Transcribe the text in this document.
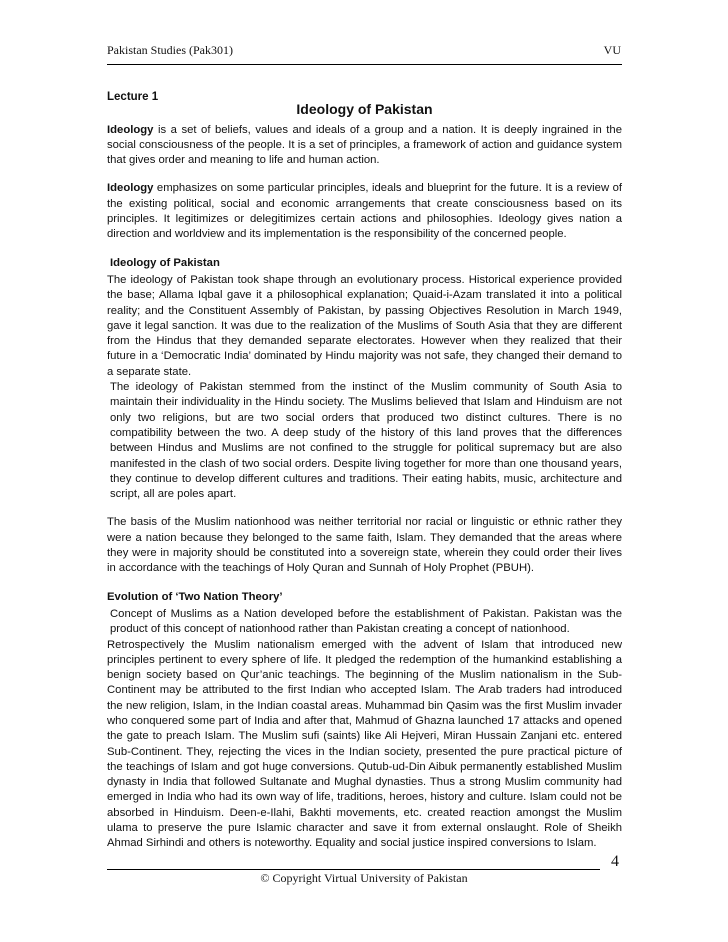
Pakistan Studies (Pak301)	VU
Lecture 1
Ideology of Pakistan

Ideology is a set of beliefs, values and ideals of a group and a nation. It is deeply ingrained in the social consciousness of the people. It is a set of principles, a framework of action and guidance system that gives order and meaning to life and human action.

Ideology emphasizes on some particular principles, ideals and blueprint for the future. It is a review of the existing political, social and economic arrangements that create consciousness based on its principles. It legitimizes or delegitimizes certain actions and philosophies. Ideology gives nation a direction and worldview and its implementation is the responsibility of the concerned people.

Ideology of Pakistan

The ideology of Pakistan took shape through an evolutionary process. Historical experience provided the base; Allama Iqbal gave it a philosophical explanation; Quaid-i-Azam translated it into a political reality; and the Constituent Assembly of Pakistan, by passing Objectives Resolution in March 1949, gave it legal sanction. It was due to the realization of the Muslims of South Asia that they are different from the Hindus that they demanded separate electorates. However when they realized that their future in a ‘Democratic India’ dominated by Hindu majority was not safe, they changed their demand to a separate state.

The ideology of Pakistan stemmed from the instinct of the Muslim community of South Asia to maintain their individuality in the Hindu society. The Muslims believed that Islam and Hinduism are not only two religions, but are two social orders that produced two distinct cultures. There is no compatibility between the two. A deep study of the history of this land proves that the differences between Hindus and Muslims are not confined to the struggle for political supremacy but are also manifested in the clash of two social orders. Despite living together for more than one thousand years, they continue to develop different cultures and traditions. Their eating habits, music, architecture and script, all are poles apart.

The basis of the Muslim nationhood was neither territorial nor racial or linguistic or ethnic rather they were a nation because they belonged to the same faith, Islam. They demanded that the areas where they were in majority should be constituted into a sovereign state, wherein they could order their lives in accordance with the teachings of Holy Quran and Sunnah of Holy Prophet (PBUH).

Evolution of ‘Two Nation Theory’

Concept of Muslims as a Nation developed before the establishment of Pakistan. Pakistan was the product of this concept of nationhood rather than Pakistan creating a concept of nationhood.

Retrospectively the Muslim nationalism emerged with the advent of Islam that introduced new principles pertinent to every sphere of life. It pledged the redemption of the humankind establishing a benign society based on Qur’anic teachings. The beginning of the Muslim nationalism in the Sub-Continent may be attributed to the first Indian who accepted Islam. The Arab traders had introduced the new religion, Islam, in the Indian coastal areas. Muhammad bin Qasim was the first Muslim invader who conquered some part of India and after that, Mahmud of Ghazna launched 17 attacks and opened the gate to preach Islam. The Muslim sufi (saints) like Ali Hejveri, Miran Hussain Zanjani etc. entered Sub-Continent. They, rejecting the vices in the Indian society, presented the pure practical picture of the teachings of Islam and got huge conversions. Qutub-ud-Din Aibuk permanently established Muslim dynasty in India that followed Sultanate and Mughal dynasties. Thus a strong Muslim community had emerged in India who had its own way of life, traditions, heroes, history and culture. Islam could not be absorbed in Hinduism. Deen-e-Ilahi, Bakhti movements, etc. created reaction amongst the Muslim ulama to preserve the pure Islamic character and save it from external onslaught. Role of Sheikh Ahmad Sirhindi and others is noteworthy. Equality and social justice inspired conversions to Islam.

4
© Copyright Virtual University of Pakistan
